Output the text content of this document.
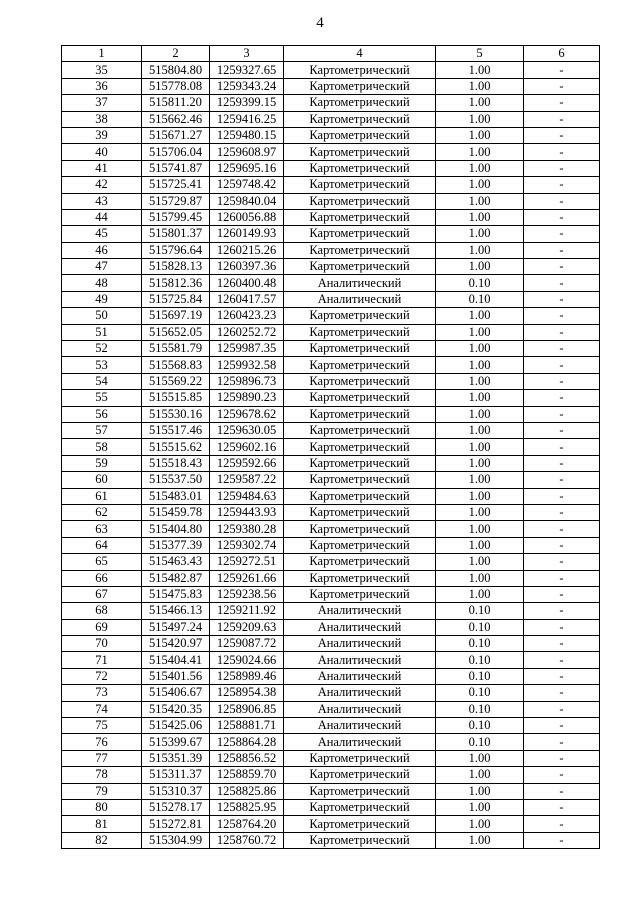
4
1	2	3	4	5	6
35	515804.80	1259327.65	Картометрический	1.00	-
36	515778.08	1259343.24	Картометрический	1.00	-
37	515811.20	1259399.15	Картометрический	1.00	-
38	515662.46	1259416.25	Картометрический	1.00	-
39	515671.27	1259480.15	Картометрический	1.00	-
40	515706.04	1259608.97	Картометрический	1.00	-
41	515741.87	1259695.16	Картометрический	1.00	-
42	515725.41	1259748.42	Картометрический	1.00	-
43	515729.87	1259840.04	Картометрический	1.00	-
44	515799.45	1260056.88	Картометрический	1.00	-
45	515801.37	1260149.93	Картометрический	1.00	-
46	515796.64	1260215.26	Картометрический	1.00	-
47	515828.13	1260397.36	Картометрический	1.00	-
48	515812.36	1260400.48	Аналитический	0.10	-
49	515725.84	1260417.57	Аналитический	0.10	-
50	515697.19	1260423.23	Картометрический	1.00	-
51	515652.05	1260252.72	Картометрический	1.00	-
52	515581.79	1259987.35	Картометрический	1.00	-
53	515568.83	1259932.58	Картометрический	1.00	-
54	515569.22	1259896.73	Картометрический	1.00	-
55	515515.85	1259890.23	Картометрический	1.00	-
56	515530.16	1259678.62	Картометрический	1.00	-
57	515517.46	1259630.05	Картометрический	1.00	-
58	515515.62	1259602.16	Картометрический	1.00	-
59	515518.43	1259592.66	Картометрический	1.00	-
60	515537.50	1259587.22	Картометрический	1.00	-
61	515483.01	1259484.63	Картометрический	1.00	-
62	515459.78	1259443.93	Картометрический	1.00	-
63	515404.80	1259380.28	Картометрический	1.00	-
64	515377.39	1259302.74	Картометрический	1.00	-
65	515463.43	1259272.51	Картометрический	1.00	-
66	515482.87	1259261.66	Картометрический	1.00	-
67	515475.83	1259238.56	Картометрический	1.00	-
68	515466.13	1259211.92	Аналитический	0.10	-
69	515497.24	1259209.63	Аналитический	0.10	-
70	515420.97	1259087.72	Аналитический	0.10	-
71	515404.41	1259024.66	Аналитический	0.10	-
72	515401.56	1258989.46	Аналитический	0.10	-
73	515406.67	1258954.38	Аналитический	0.10	-
74	515420.35	1258906.85	Аналитический	0.10	-
75	515425.06	1258881.71	Аналитический	0.10	-
76	515399.67	1258864.28	Аналитический	0.10	-
77	515351.39	1258856.52	Картометрический	1.00	-
78	515311.37	1258859.70	Картометрический	1.00	-
79	515310.37	1258825.86	Картометрический	1.00	-
80	515278.17	1258825.95	Картометрический	1.00	-
81	515272.81	1258764.20	Картометрический	1.00	-
82	515304.99	1258760.72	Картометрический	1.00	-
